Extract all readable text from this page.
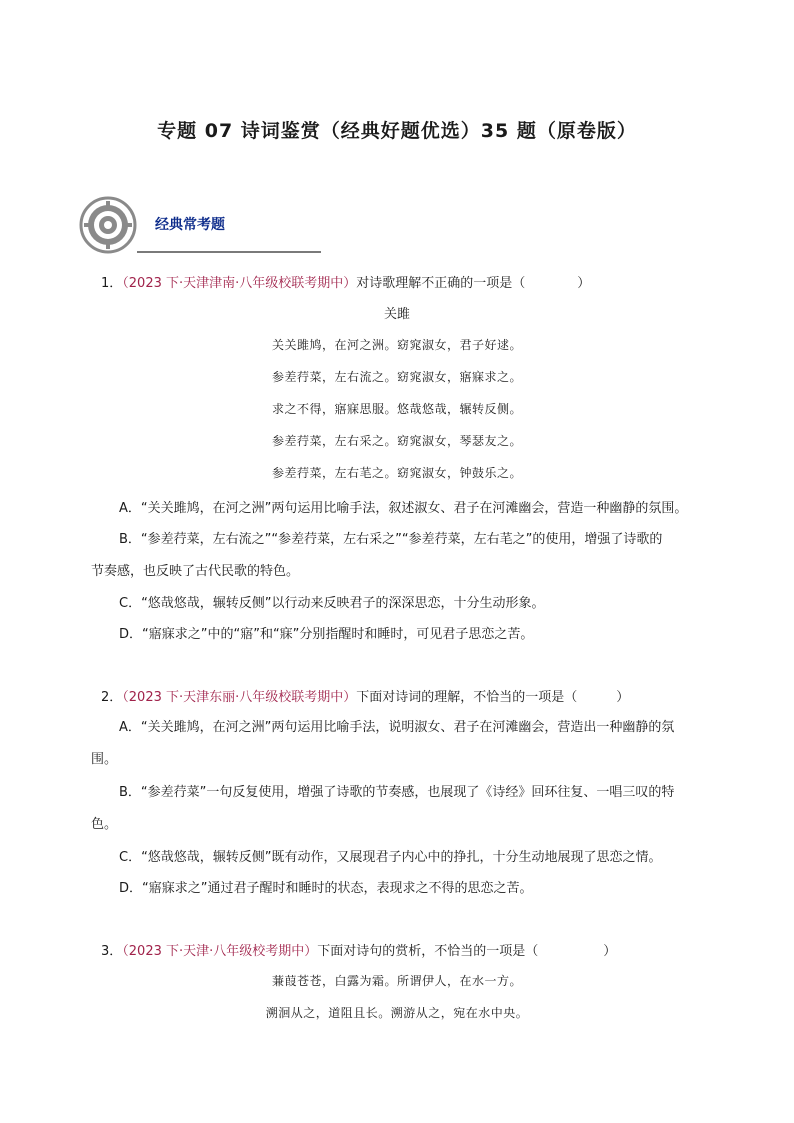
专题 07 诗词鉴赏（经典好题优选）35 题（原卷版）
经典常考题
1．（2023 下·天津津南·八年级校联考期中）对诗歌理解不正确的一项是（　　　　）
关雎
关关雎鸠，在河之洲。窈窕淑女，君子好逑。
参差荇菜，左右流之。窈窕淑女，寤寐求之。
求之不得，寤寐思服。悠哉悠哉，辗转反侧。
参差荇菜，左右采之。窈窕淑女，琴瑟友之。
参差荇菜，左右芼之。窈窕淑女，钟鼓乐之。
A．“关关雎鸠，在河之洲”两句运用比喻手法，叙述淑女、君子在河滩幽会，营造一种幽静的氛围。
B．“参差荇菜，左右流之”“参差荇菜，左右采之”“参差荇菜，左右芼之”的使用，增强了诗歌的
节奏感，也反映了古代民歌的特色。
C．“悠哉悠哉，辗转反侧”以行动来反映君子的深深思恋，十分生动形象。
D．“寤寐求之”中的“寤”和“寐”分别指醒时和睡时，可见君子思恋之苦。
2．（2023 下·天津东丽·八年级校联考期中）下面对诗词的理解，不恰当的一项是（　　　）
A．“关关雎鸠，在河之洲”两句运用比喻手法，说明淑女、君子在河滩幽会，营造出一种幽静的氛
围。
B．“参差荇菜”一句反复使用，增强了诗歌的节奏感，也展现了《诗经》回环往复、一唱三叹的特
色。
C．“悠哉悠哉，辗转反侧”既有动作，又展现君子内心中的挣扎，十分生动地展现了思恋之情。
D．“寤寐求之”通过君子醒时和睡时的状态，表现求之不得的思恋之苦。
3．（2023 下·天津·八年级校考期中）下面对诗句的赏析，不恰当的一项是（　　　　　）
蒹葭苍苍，白露为霜。所谓伊人，在水一方。
溯洄从之，道阻且长。溯游从之，宛在水中央。
